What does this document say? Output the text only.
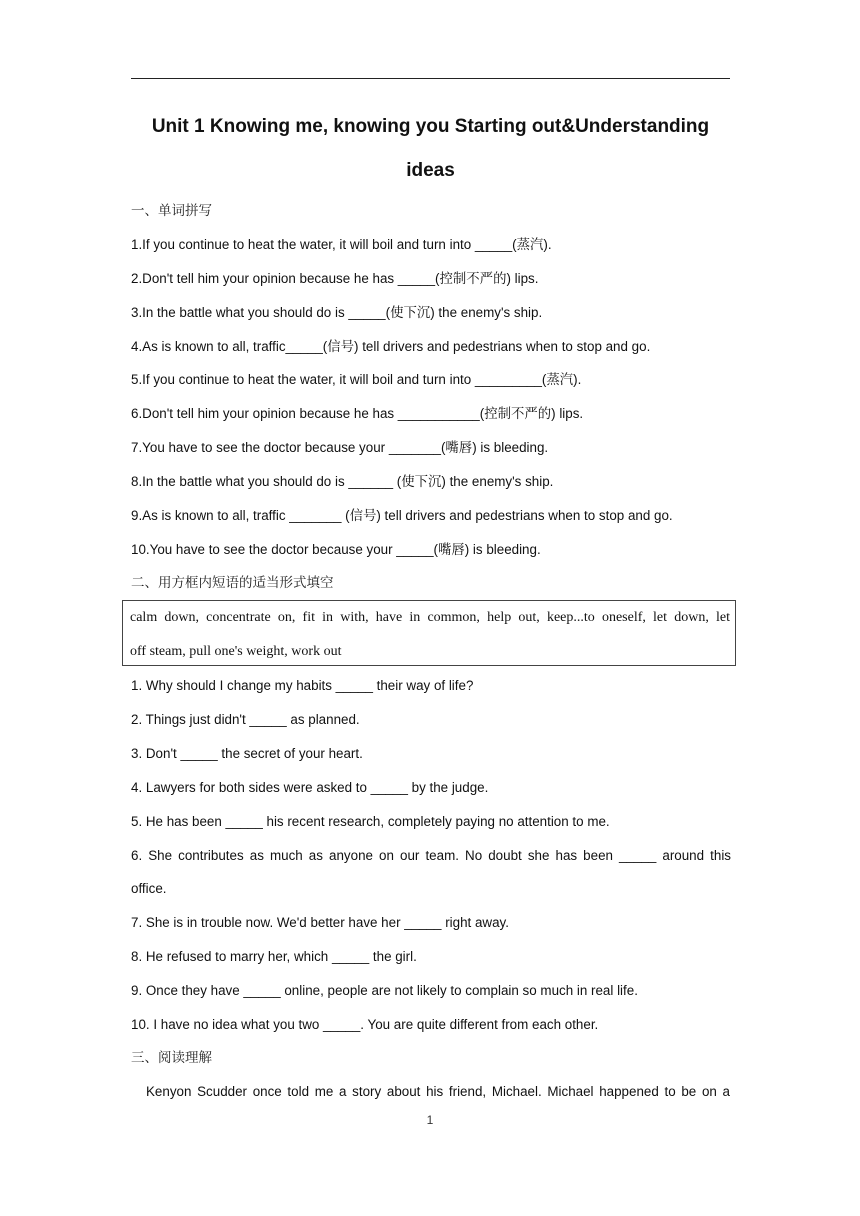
Unit 1 Knowing me, knowing you Starting out&Understanding
ideas
一、单词拼写
1.If you continue to heat the water, it will boil and turn into _____(蒸汽).
2.Don't tell him your opinion because he has _____(控制不严的) lips.
3.In the battle what you should do is _____(使下沉) the enemy's ship.
4.As is known to all, traffic_____(信号) tell drivers and pedestrians when to stop and go.
5.If you continue to heat the water, it will boil and turn into _________(蒸汽).
6.Don't tell him your opinion because he has ___________(控制不严的) lips.
7.You have to see the doctor because your _______(嘴唇) is bleeding.
8.In the battle what you should do is ______ (使下沉) the enemy's ship.
9.As is known to all, traffic _______ (信号) tell drivers and pedestrians when to stop and go.
10.You have to see the doctor because your _____(嘴唇) is bleeding.
二、用方框内短语的适当形式填空
calm down, concentrate on, fit in with, have in common, help out, keep...to oneself, let down, let
off steam, pull one's weight, work out
1. Why should I change my habits _____ their way of life?
2. Things just didn't _____ as planned.
3. Don't _____ the secret of your heart.
4. Lawyers for both sides were asked to _____ by the judge.
5. He has been _____ his recent research, completely paying no attention to me.
6. She contributes as much as anyone on our team. No doubt she has been _____ around this
office.
7. She is in trouble now. We'd better have her _____ right away.
8. He refused to marry her, which _____ the girl.
9. Once they have _____ online, people are not likely to complain so much in real life.
10. I have no idea what you two _____. You are quite different from each other.
三、阅读理解
Kenyon Scudder once told me a story about his friend, Michael. Michael happened to be on a
1
